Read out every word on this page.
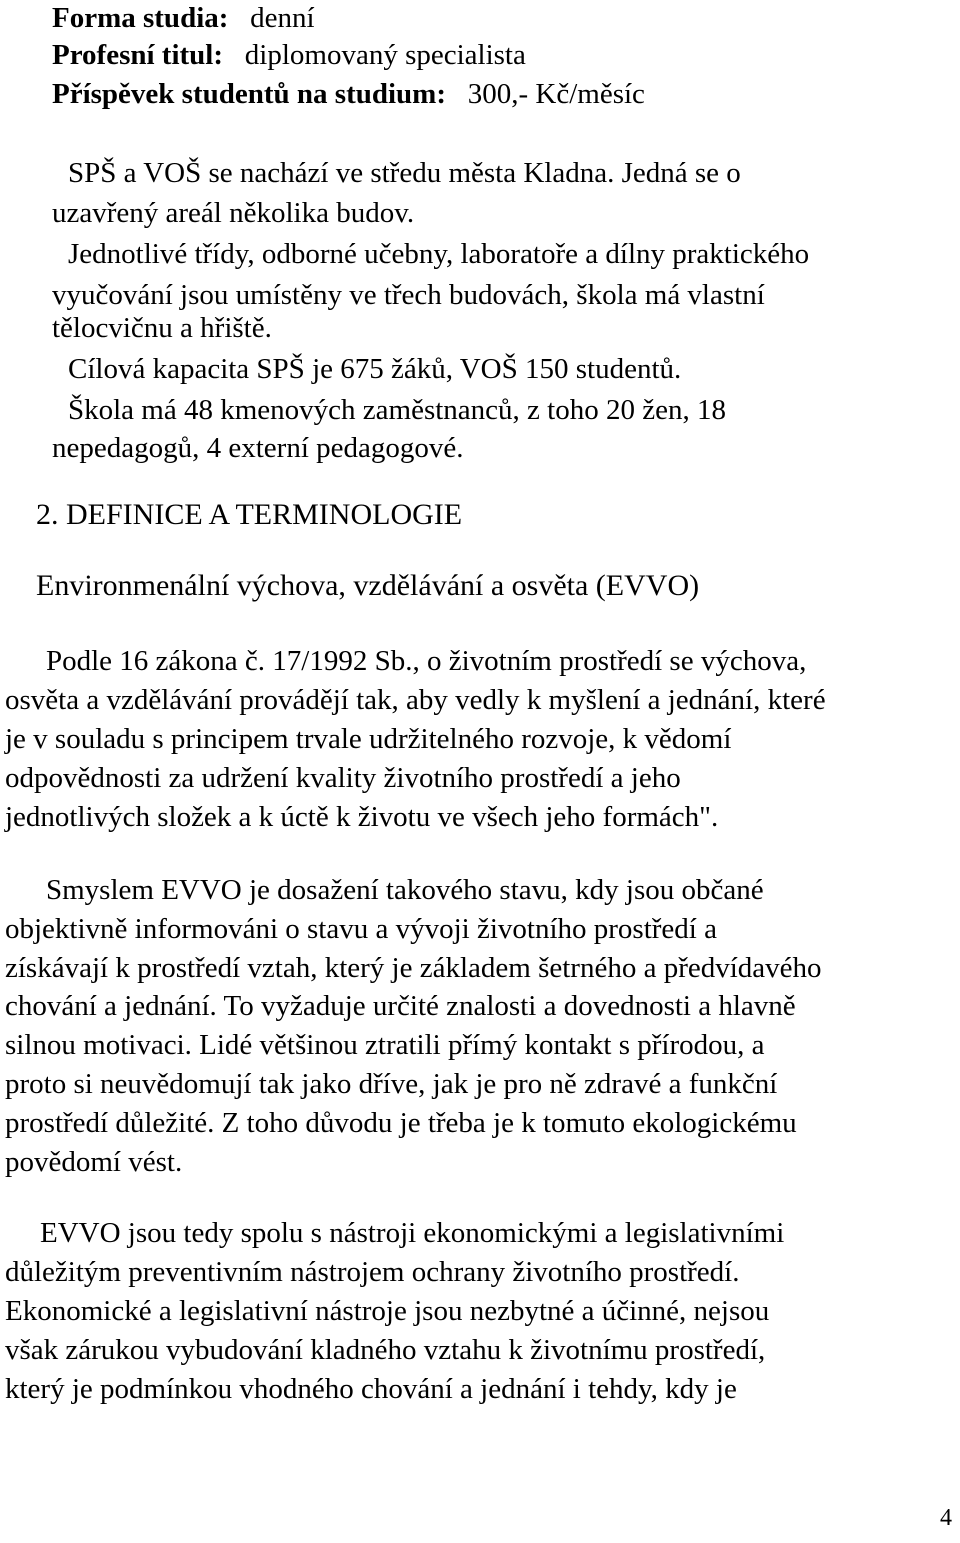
Forma studia: denní
Profesní titul: diplomovaný specialista
Příspěvek studentů na studium: 300,- Kč/měsíc
SPŠ a VOŠ se nachází ve středu města Kladna. Jedná se o
uzavřený areál několika budov.
Jednotlivé třídy, odborné učebny, laboratoře a dílny praktického
vyučování jsou umístěny ve třech budovách, škola má vlastní
tělocvičnu a hřiště.
Cílová kapacita SPŠ je 675 žáků, VOŠ 150 studentů.
Škola má 48 kmenových zaměstnanců, z toho 20 žen, 18
nepedagogů, 4 externí pedagogové.
2. DEFINICE A TERMINOLOGIE
Environmenální výchova, vzdělávání a osvěta (EVVO)
Podle 16 zákona č. 17/1992 Sb., o životním prostředí se výchova,
osvěta a vzdělávání provádějí tak, aby vedly k myšlení a jednání, které
je v souladu s principem trvale udržitelného rozvoje, k vědomí
odpovědnosti za udržení kvality životního prostředí a jeho
jednotlivých složek a k úctě k životu ve všech jeho formách".
Smyslem EVVO je dosažení takového stavu, kdy jsou občané
objektivně informováni o stavu a vývoji životního prostředí a
získávají k prostředí vztah, který je základem šetrného a předvídavého
chování a jednání. To vyžaduje určité znalosti a dovednosti a hlavně
silnou motivaci. Lidé většinou ztratili přímý kontakt s přírodou, a
proto si neuvědomují tak jako dříve, jak je pro ně zdravé a funkční
prostředí důležité. Z toho důvodu je třeba je k tomuto ekologickému
povědomí vést.
EVVO jsou tedy spolu s nástroji ekonomickými a legislativními
důležitým preventivním nástrojem ochrany životního prostředí.
Ekonomické a legislativní nástroje jsou nezbytné a účinné, nejsou
však zárukou vybudování kladného vztahu k životnímu prostředí,
který je podmínkou vhodného chování a jednání i tehdy, kdy je
4
